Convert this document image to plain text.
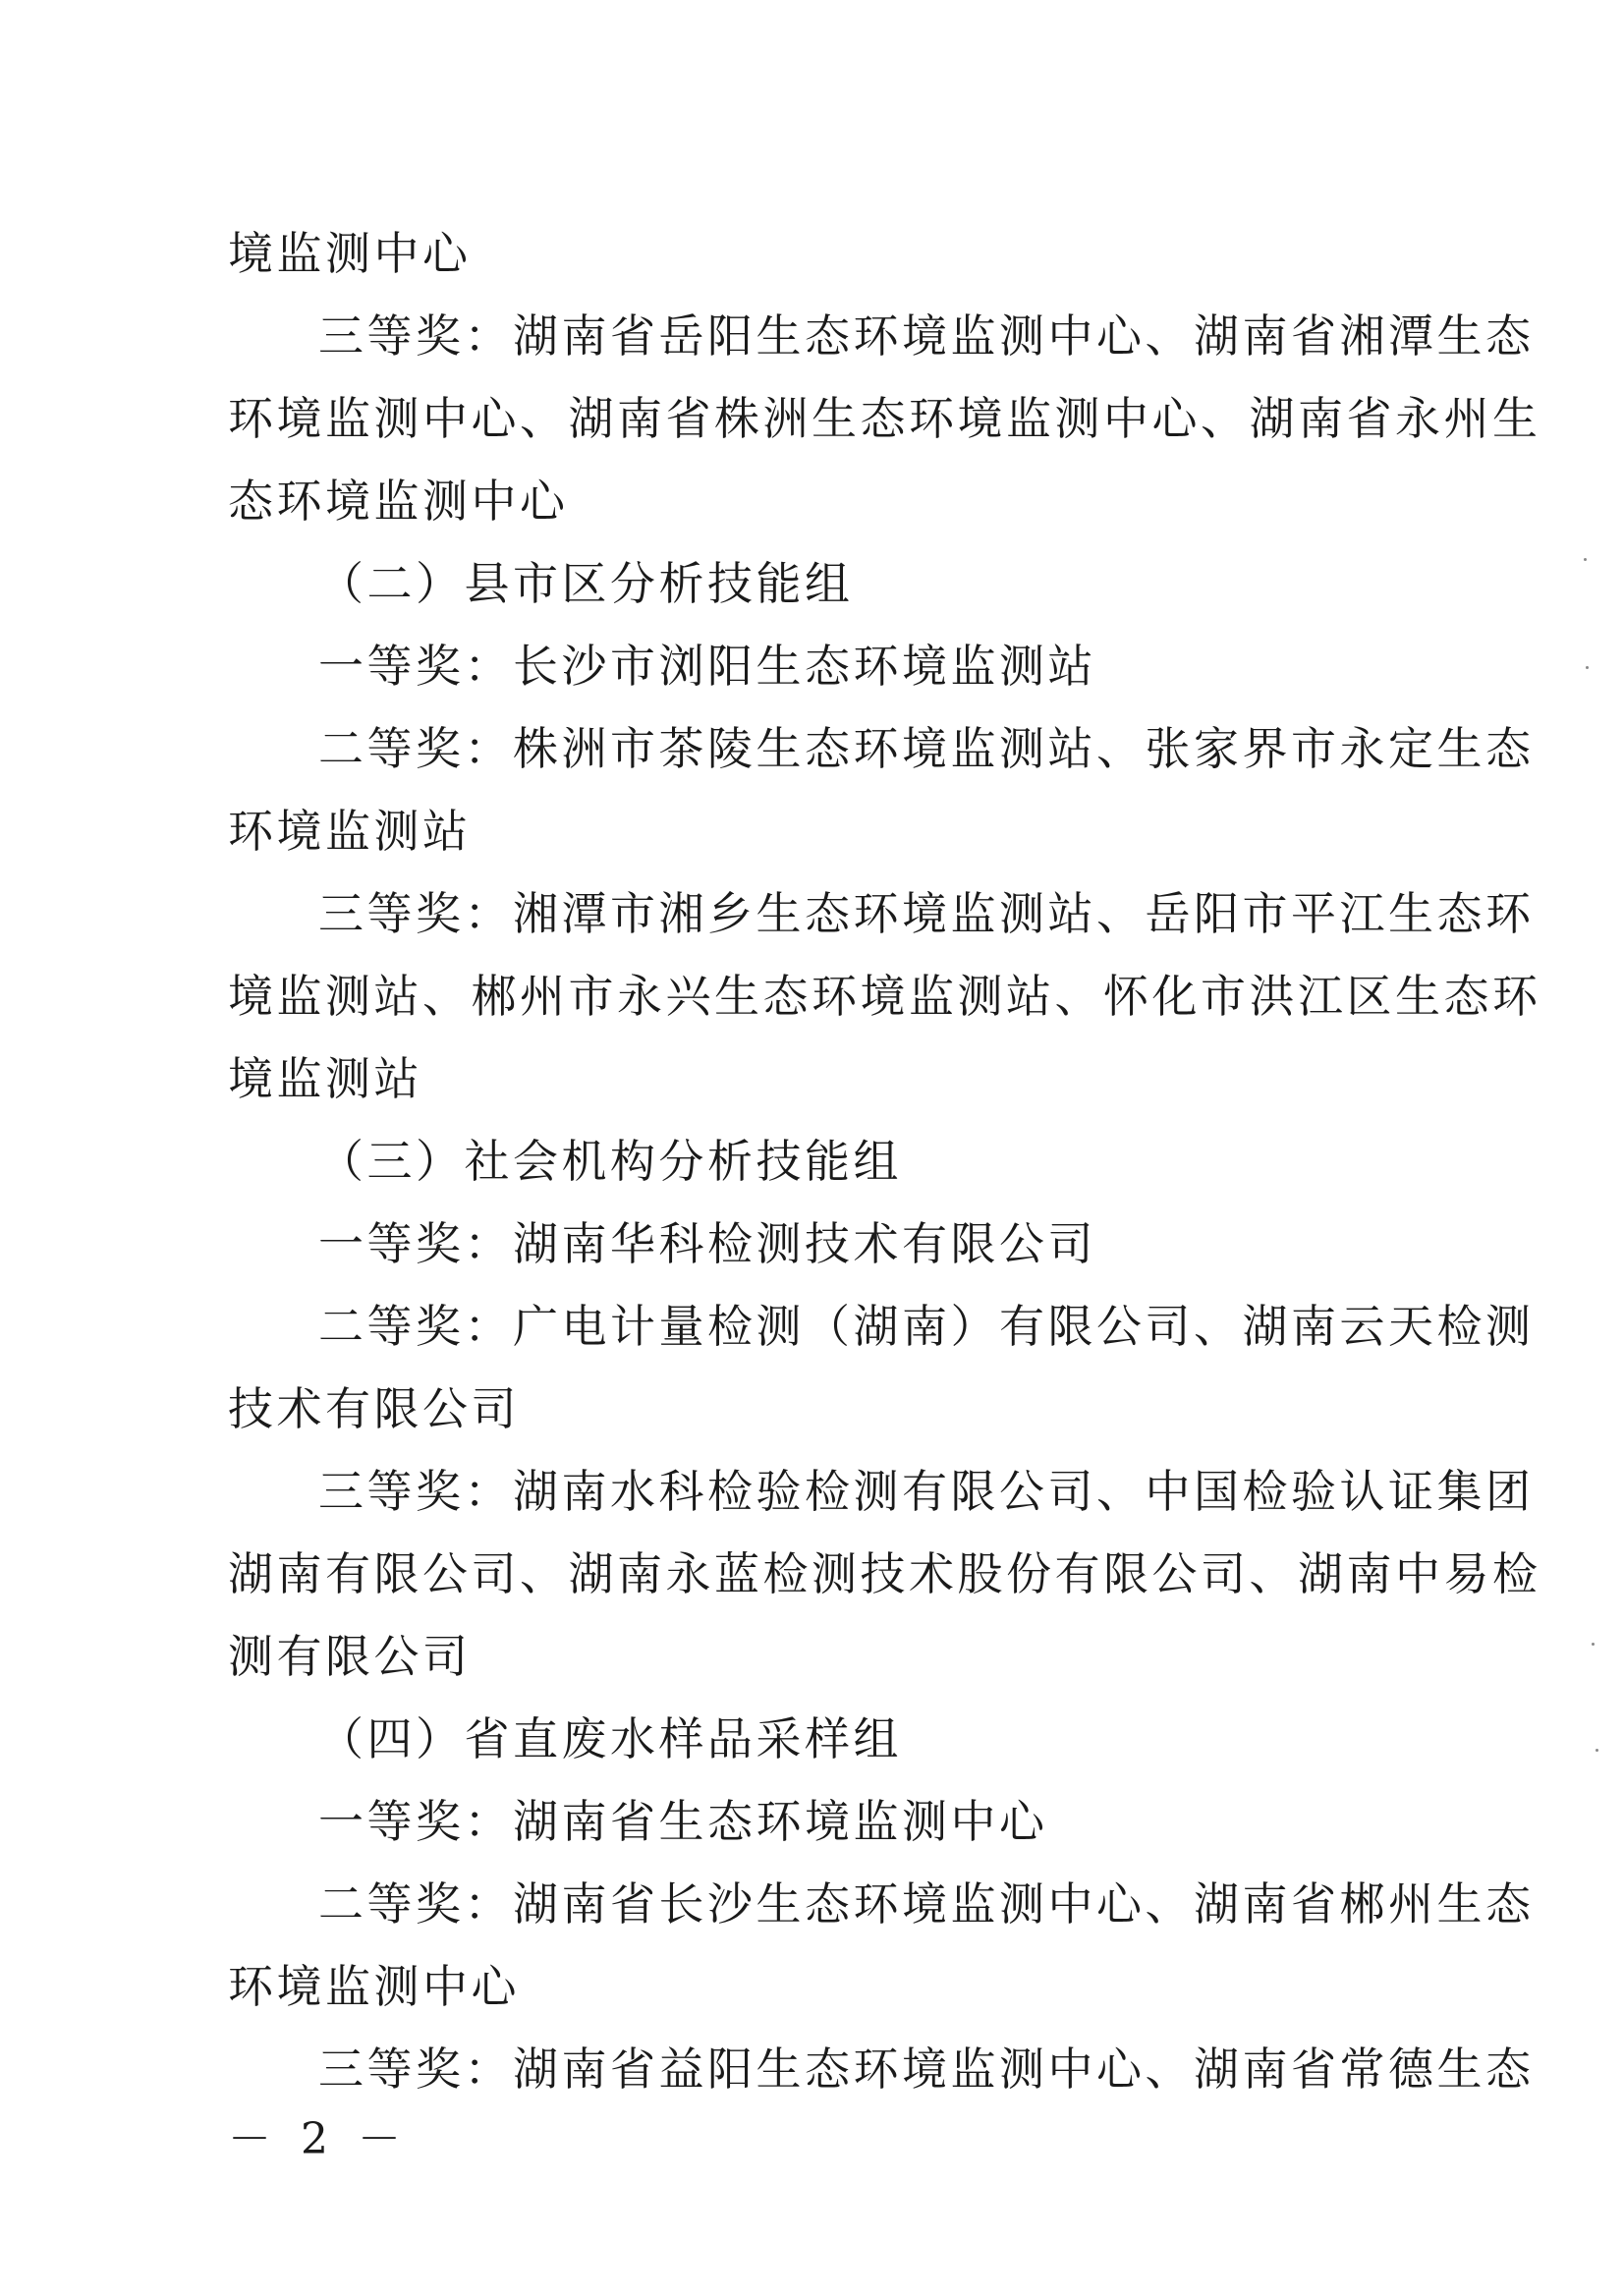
境监测中心
三等奖：湖南省岳阳生态环境监测中心、湖南省湘潭生态
环境监测中心、湖南省株洲生态环境监测中心、湖南省永州生
态环境监测中心
（二）县市区分析技能组
一等奖：长沙市浏阳生态环境监测站
二等奖：株洲市茶陵生态环境监测站、张家界市永定生态
环境监测站
三等奖：湘潭市湘乡生态环境监测站、岳阳市平江生态环
境监测站、郴州市永兴生态环境监测站、怀化市洪江区生态环
境监测站
（三）社会机构分析技能组
一等奖：湖南华科检测技术有限公司
二等奖：广电计量检测（湖南）有限公司、湖南云天检测
技术有限公司
三等奖：湖南水科检验检测有限公司、中国检验认证集团
湖南有限公司、湖南永蓝检测技术股份有限公司、湖南中易检
测有限公司
（四）省直废水样品采样组
一等奖：湖南省生态环境监测中心
二等奖：湖南省长沙生态环境监测中心、湖南省郴州生态
环境监测中心
三等奖：湖南省益阳生态环境监测中心、湖南省常德生态
－ 2 －
